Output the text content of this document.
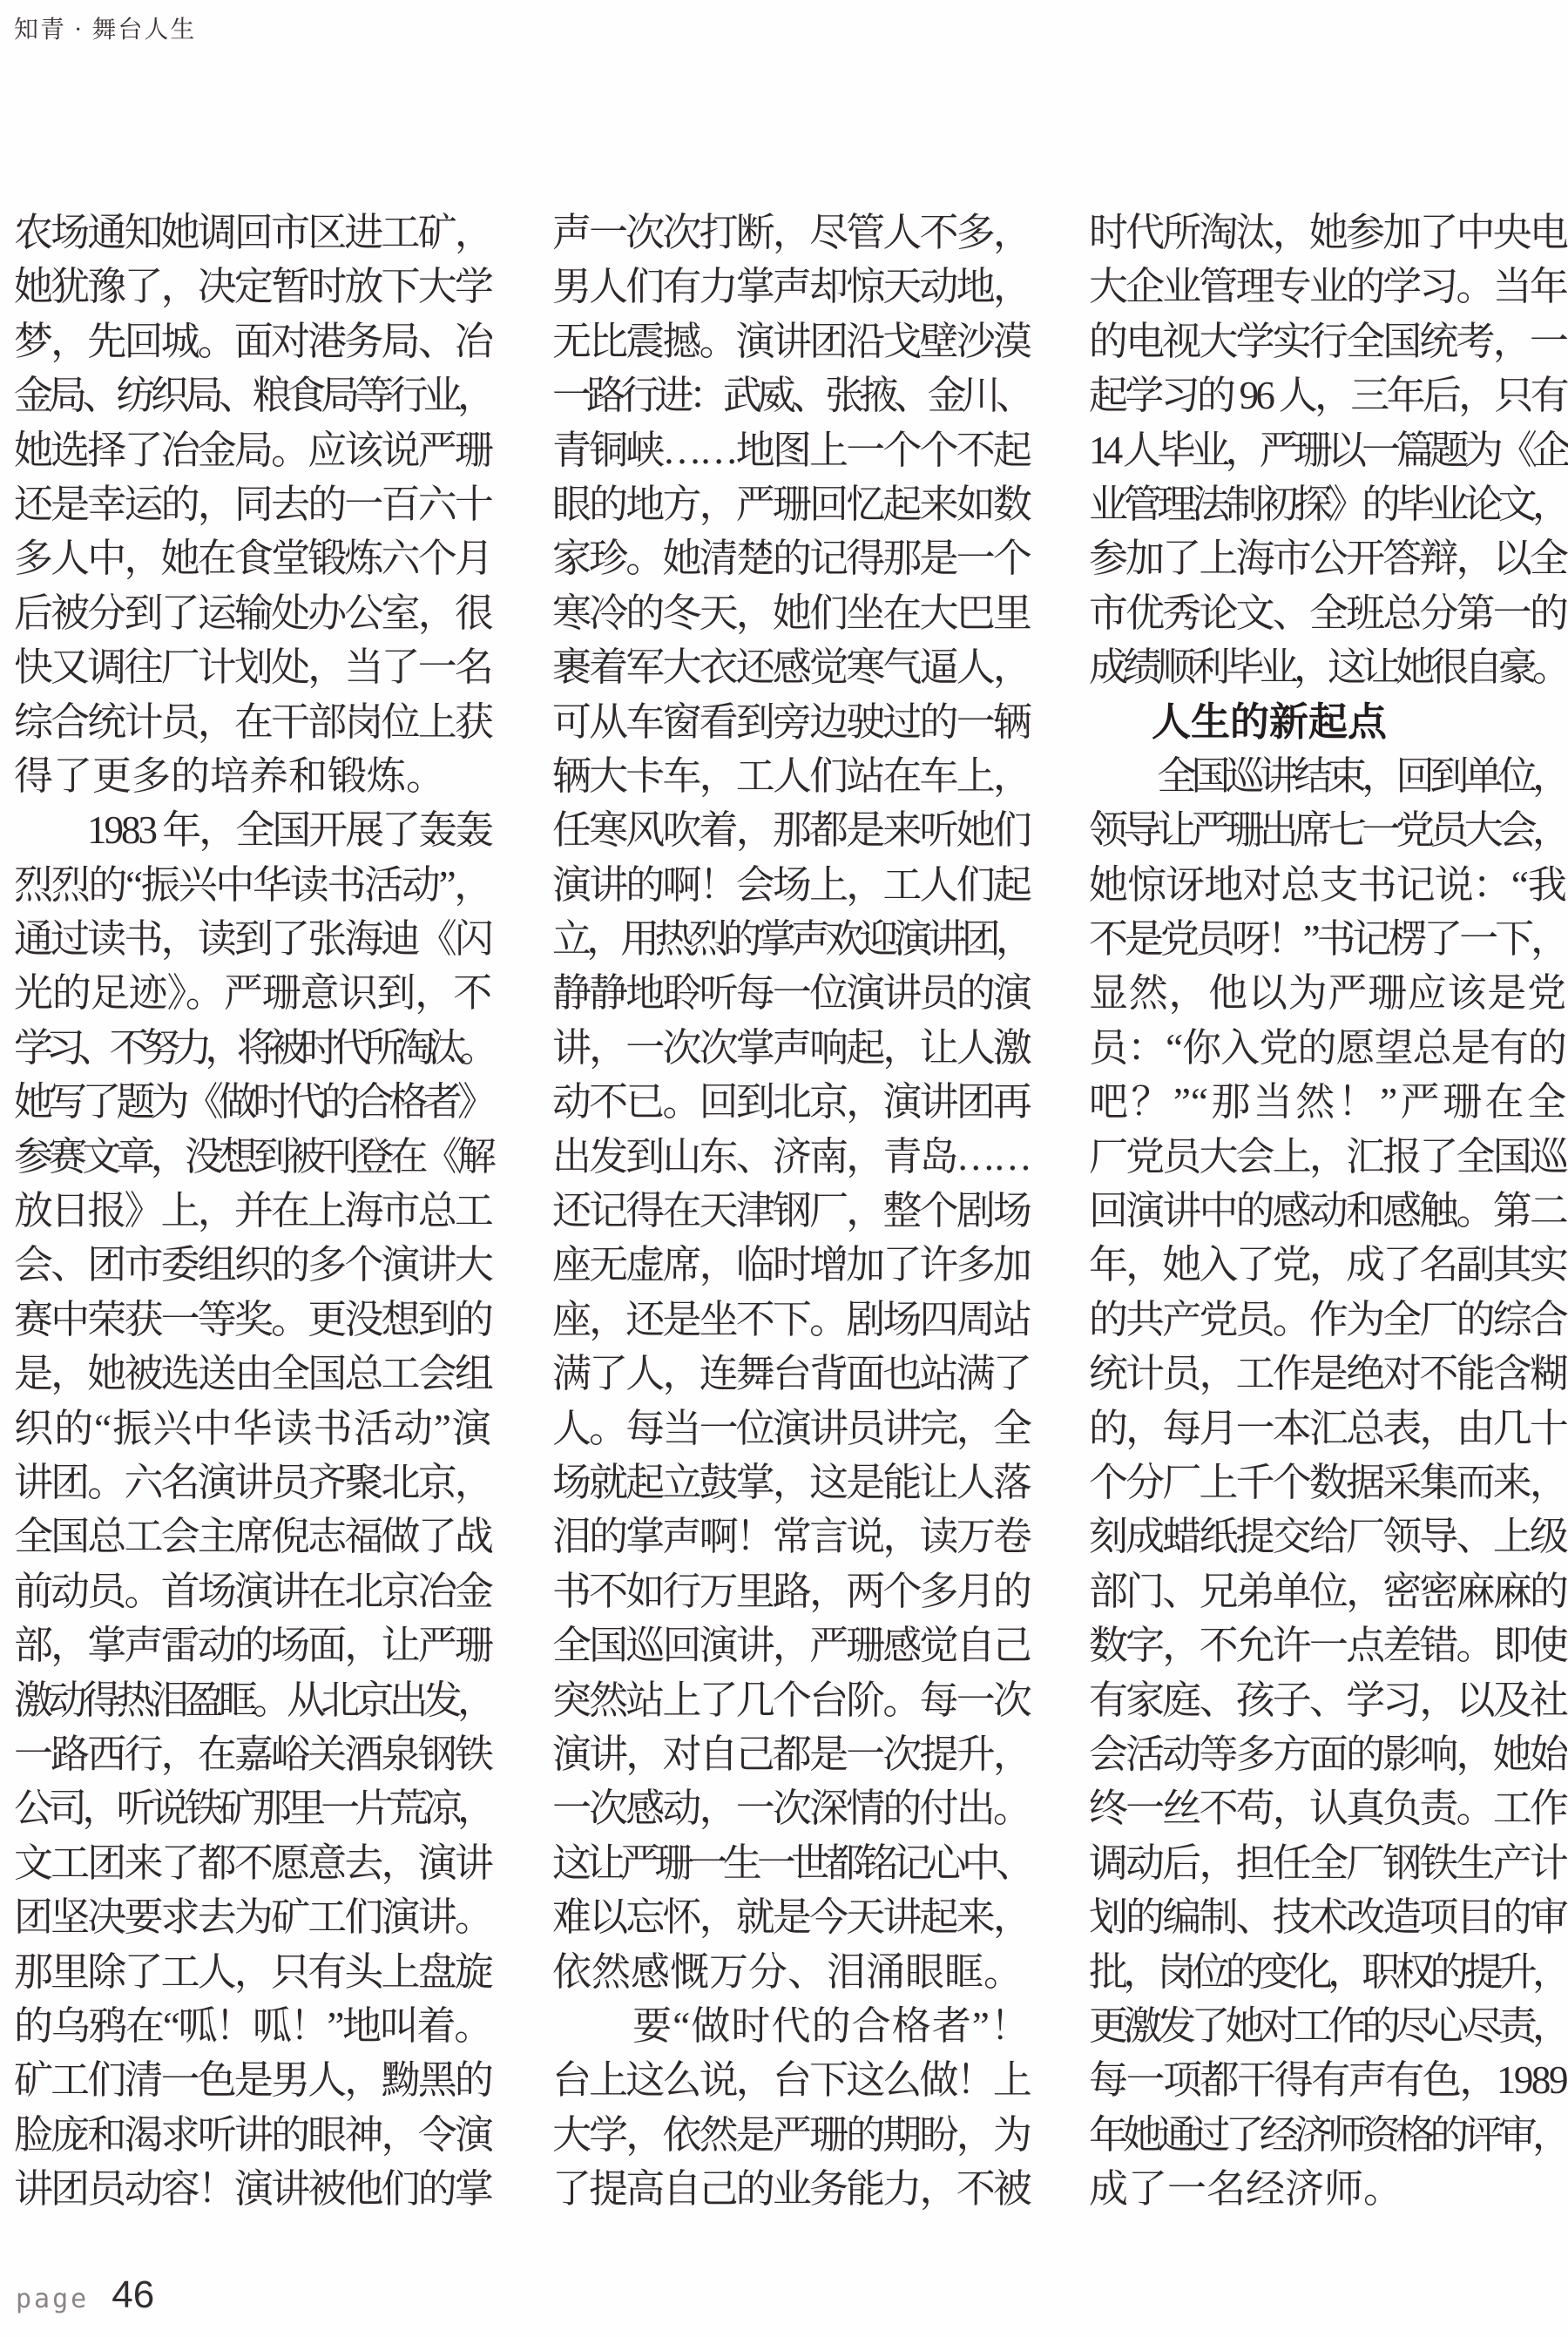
知青 · 舞台人生
农场通知她调回市区进工矿，
她犹豫了，决定暂时放下大学
梦，先回城。面对港务局、冶
金局、纺织局、粮食局等行业，
她选择了冶金局。应该说严珊
还是幸运的，同去的一百六十
多人中，她在食堂锻炼六个月
后被分到了运输处办公室，很
快又调往厂计划处，当了一名
综合统计员，在干部岗位上获
得了更多的培养和锻炼。
　　1983 年，全国开展了轰轰
烈烈的“振兴中华读书活动”，
通过读书，读到了张海迪《闪
光的足迹》。严珊意识到，不
学习、不努力，将被时代所淘汰。
她写了题为《做时代的合格者》
参赛文章，没想到被刊登在《解
放日报》上，并在上海市总工
会、团市委组织的多个演讲大
赛中荣获一等奖。更没想到的
是，她被选送由全国总工会组
织的“振兴中华读书活动”演
讲团。六名演讲员齐聚北京，
全国总工会主席倪志福做了战
前动员。首场演讲在北京冶金
部，掌声雷动的场面，让严珊
激动得热泪盈眶。从北京出发，
一路西行，在嘉峪关酒泉钢铁
公司，听说铁矿那里一片荒凉，
文工团来了都不愿意去，演讲
团坚决要求去为矿工们演讲。
那里除了工人，只有头上盘旋
的乌鸦在“呱！呱！”地叫着。
矿工们清一色是男人，黝黑的
脸庞和渴求听讲的眼神，令演
讲团员动容！演讲被他们的掌
声一次次打断，尽管人不多，
男人们有力掌声却惊天动地，
无比震撼。演讲团沿戈壁沙漠
一路行进：武威、张掖、金川、
青铜峡……地图上一个个不起
眼的地方，严珊回忆起来如数
家珍。她清楚的记得那是一个
寒冷的冬天，她们坐在大巴里
裹着军大衣还感觉寒气逼人，
可从车窗看到旁边驶过的一辆
辆大卡车，工人们站在车上，
任寒风吹着，那都是来听她们
演讲的啊！会场上，工人们起
立，用热烈的掌声欢迎演讲团，
静静地聆听每一位演讲员的演
讲，一次次掌声响起，让人激
动不已。回到北京，演讲团再
出发到山东、济南，青岛……
还记得在天津钢厂，整个剧场
座无虚席，临时增加了许多加
座，还是坐不下。剧场四周站
满了人，连舞台背面也站满了
人。每当一位演讲员讲完，全
场就起立鼓掌，这是能让人落
泪的掌声啊！常言说，读万卷
书不如行万里路，两个多月的
全国巡回演讲，严珊感觉自己
突然站上了几个台阶。每一次
演讲，对自己都是一次提升，
一次感动，一次深情的付出。
这让严珊一生一世都铭记心中、
难以忘怀，就是今天讲起来，
依然感慨万分、泪涌眼眶。
　　要“做时代的合格者”！
台上这么说，台下这么做！上
大学，依然是严珊的期盼，为
了提高自己的业务能力，不被
时代所淘汰，她参加了中央电
大企业管理专业的学习。当年
的电视大学实行全国统考，一
起学习的 96 人，三年后，只有
14 人毕业，严珊以一篇题为《企
业管理法制初探》的毕业论文，
参加了上海市公开答辩，以全
市优秀论文、全班总分第一的
成绩顺利毕业，这让她很自豪。
人生的新起点
　　全国巡讲结束，回到单位，
领导让严珊出席七一党员大会，
她惊讶地对总支书记说：“我
不是党员呀！”书记楞了一下，
显然，他以为严珊应该是党
员：“你入党的愿望总是有的
吧？”“那当然！”严珊在全
厂党员大会上，汇报了全国巡
回演讲中的感动和感触。第二
年，她入了党，成了名副其实
的共产党员。作为全厂的综合
统计员，工作是绝对不能含糊
的，每月一本汇总表，由几十
个分厂上千个数据采集而来，
刻成蜡纸提交给厂领导、上级
部门、兄弟单位，密密麻麻的
数字，不允许一点差错。即使
有家庭、孩子、学习，以及社
会活动等多方面的影响，她始
终一丝不苟，认真负责。工作
调动后，担任全厂钢铁生产计
划的编制、技术改造项目的审
批，岗位的变化，职权的提升，
更激发了她对工作的尽心尽责，
每一项都干得有声有色，1989
年她通过了经济师资格的评审，
成了一名经济师。
page 46
